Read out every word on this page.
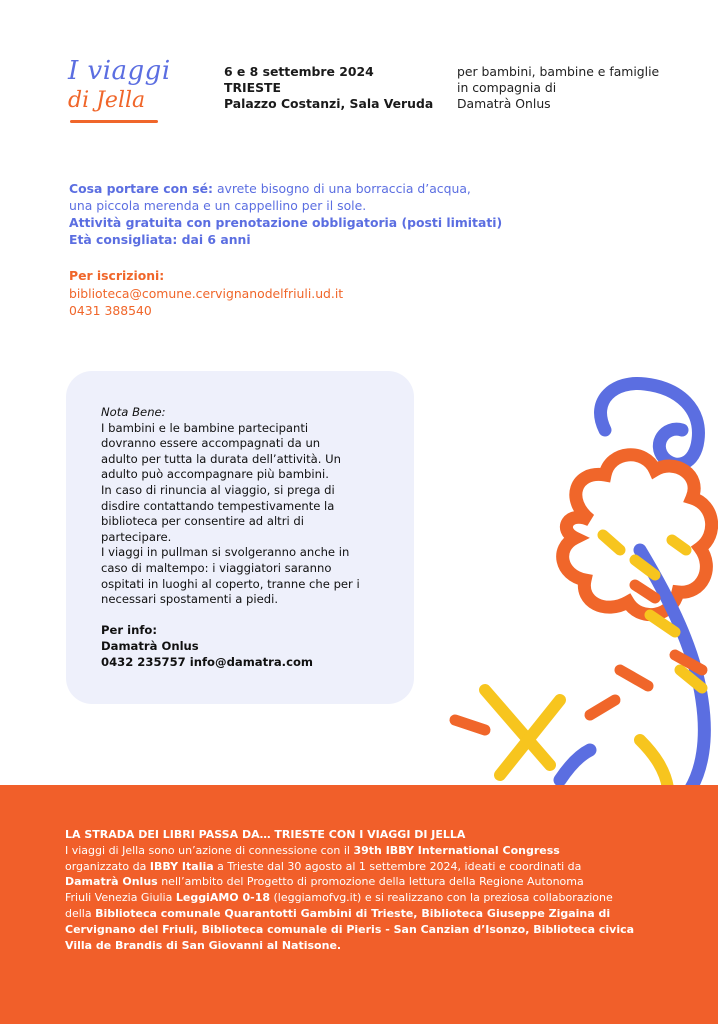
I viaggi
di Jella
6 e 8 settembre 2024
TRIESTE
Palazzo Costanzi, Sala Veruda
per bambini, bambine e famiglie
in compagnia di
Damatrà Onlus
Cosa portare con sé: avrete bisogno di una borraccia d’acqua,
una piccola merenda e un cappellino per il sole.
Attività gratuita con prenotazione obbligatoria (posti limitati)
Età consigliata: dai 6 anni
Per iscrizioni:
biblioteca@comune.cervignanodelfriuli.ud.it
0431 388540
Nota Bene:
I bambini e le bambine partecipanti
dovranno essere accompagnati da un
adulto per tutta la durata dell’attività. Un
adulto può accompagnare più bambini.
In caso di rinuncia al viaggio, si prega di
disdire contattando tempestivamente la
biblioteca per consentire ad altri di
partecipare.
I viaggi in pullman si svolgeranno anche in
caso di maltempo: i viaggiatori saranno
ospitati in luoghi al coperto, tranne che per i
necessari spostamenti a piedi.
Per info:
Damatrà Onlus
0432 235757 info@damatra.com
LA STRADA DEI LIBRI PASSA DA… TRIESTE CON I VIAGGI DI JELLA
I viaggi di Jella sono un’azione di connessione con il 39th IBBY International Congress
organizzato da IBBY Italia a Trieste dal 30 agosto al 1 settembre 2024, ideati e coordinati da
Damatrà Onlus nell’ambito del Progetto di promozione della lettura della Regione Autonoma
Friuli Venezia Giulia LeggiAMO 0-18 (leggiamofvg.it) e si realizzano con la preziosa collaborazione
della Biblioteca comunale Quarantotti Gambini di Trieste, Biblioteca Giuseppe Zigaina di
Cervignano del Friuli, Biblioteca comunale di Pieris - San Canzian d’Isonzo, Biblioteca civica
Villa de Brandis di San Giovanni al Natisone.
